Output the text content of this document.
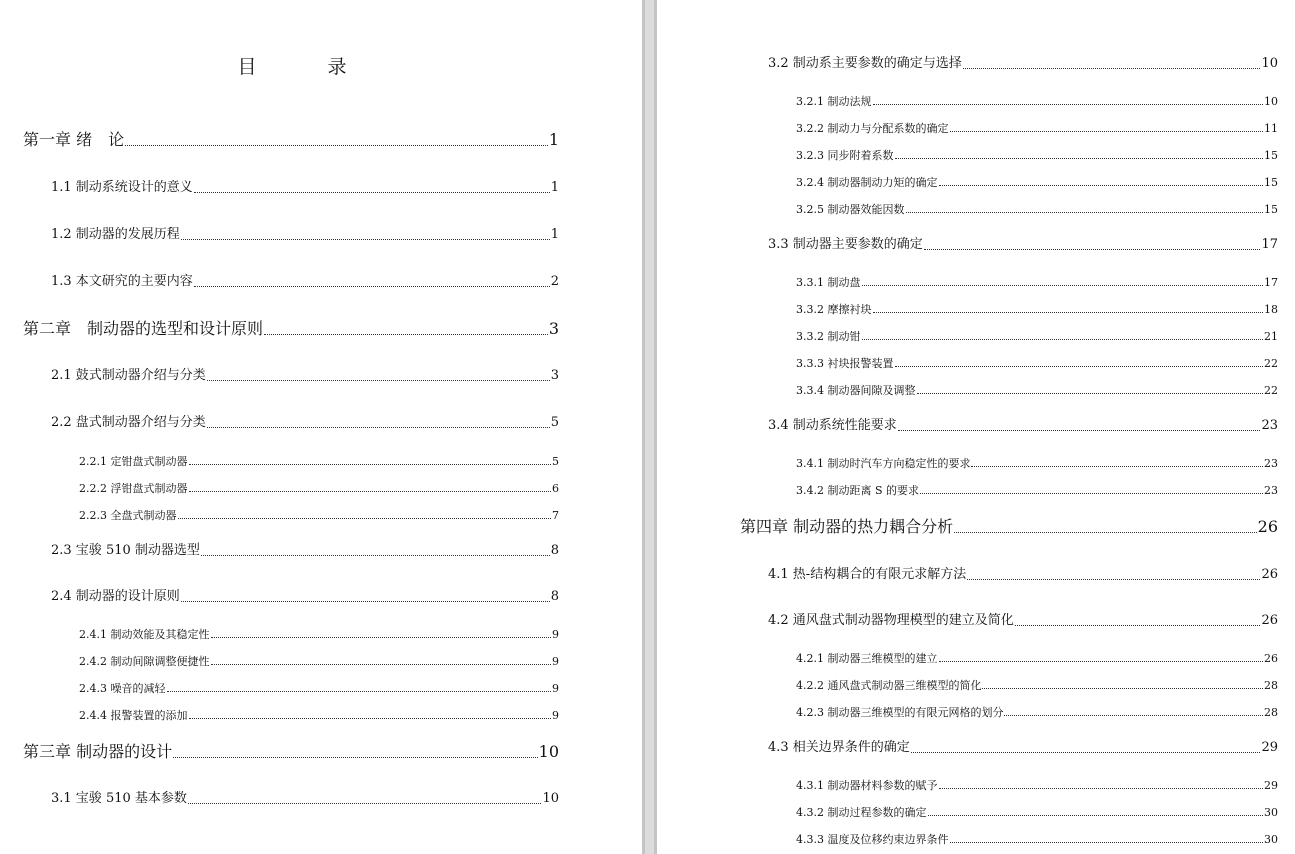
目　录
第一章 绪　论	1
1.1 制动系统设计的意义	1
1.2 制动器的发展历程	1
1.3 本文研究的主要内容	2
第二章　制动器的选型和设计原则	3
2.1 鼓式制动器介绍与分类	3
2.2 盘式制动器介绍与分类	5
2.2.1 定钳盘式制动器	5
2.2.2 浮钳盘式制动器	6
2.2.3 全盘式制动器	7
2.3 宝骏 510 制动器选型	8
2.4 制动器的设计原则	8
2.4.1 制动效能及其稳定性	9
2.4.2 制动间隙调整便捷性	9
2.4.3 噪音的减轻	9
2.4.4 报警装置的添加	9
第三章 制动器的设计	10
3.1 宝骏 510 基本参数	10
3.2 制动系主要参数的确定与选择	10
3.2.1 制动法规	10
3.2.2 制动力与分配系数的确定	11
3.2.3 同步附着系数	15
3.2.4 制动器制动力矩的确定	15
3.2.5 制动器效能因数	15
3.3 制动器主要参数的确定	17
3.3.1 制动盘	17
3.3.2 摩擦衬块	18
3.3.2 制动钳	21
3.3.3 衬块报警装置	22
3.3.4 制动器间隙及调整	22
3.4 制动系统性能要求	23
3.4.1 制动时汽车方向稳定性的要求	23
3.4.2 制动距离 S 的要求	23
第四章 制动器的热力耦合分析	26
4.1 热-结构耦合的有限元求解方法	26
4.2 通风盘式制动器物理模型的建立及简化	26
4.2.1 制动器三维模型的建立	26
4.2.2 通风盘式制动器三维模型的简化	28
4.2.3 制动器三维模型的有限元网格的划分	28
4.3 相关边界条件的确定	29
4.3.1 制动器材料参数的赋予	29
4.3.2 制动过程参数的确定	30
4.3.3 温度及位移约束边界条件	30
